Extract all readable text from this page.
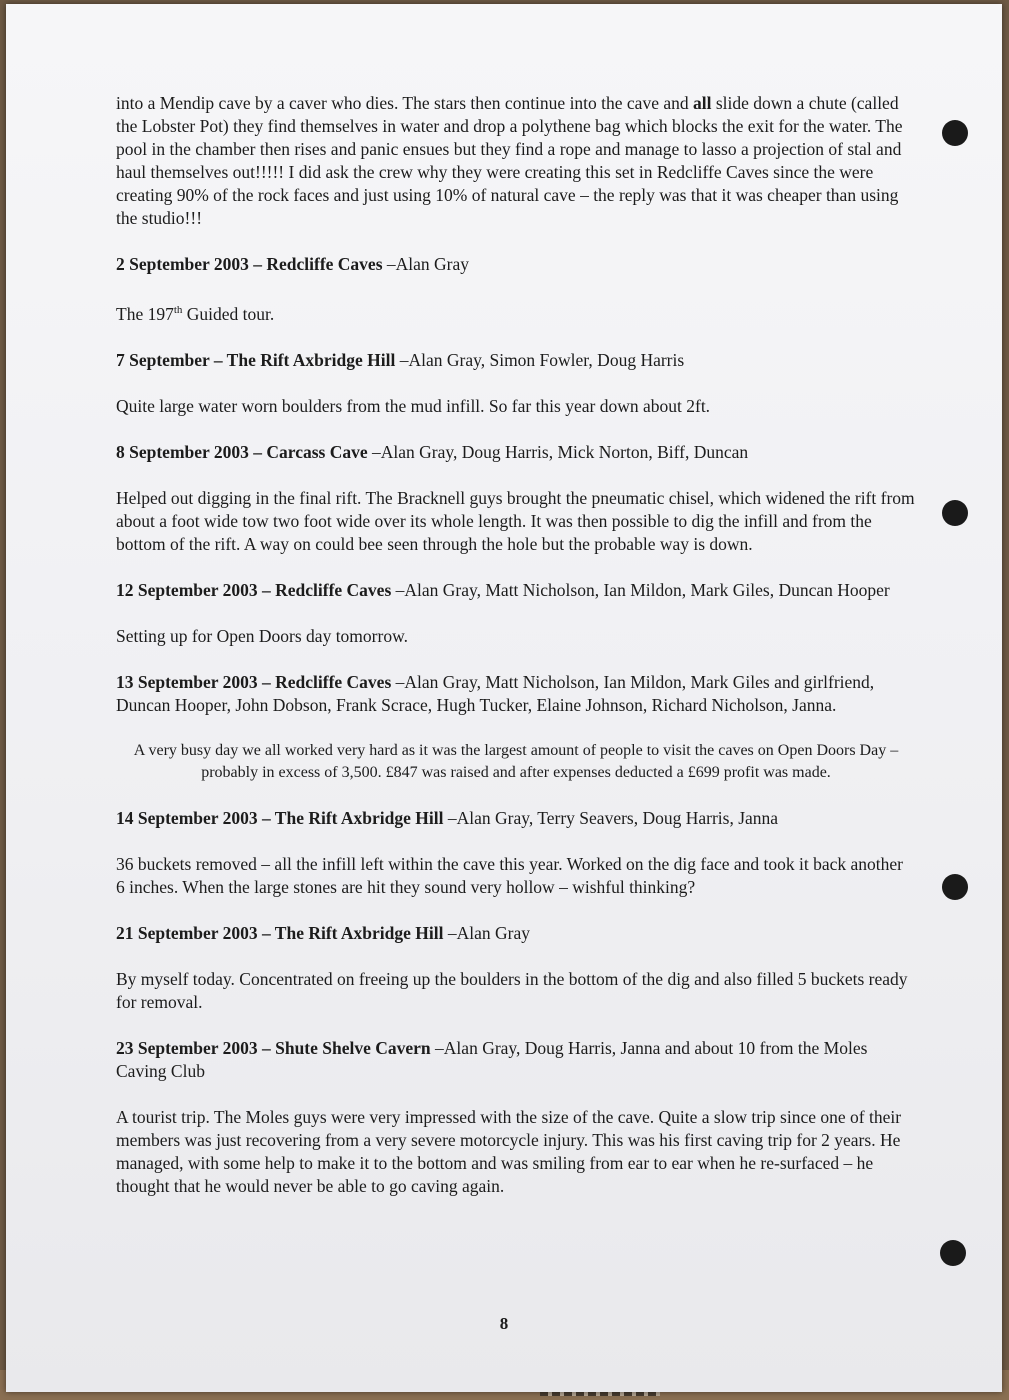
into a Mendip cave by a caver who dies. The stars then continue into the cave and all slide down a chute (called the Lobster Pot) they find themselves in water and drop a polythene bag which blocks the exit for the water. The pool in the chamber then rises and panic ensues but they find a rope and manage to lasso a projection of stal and haul themselves out!!!!! I did ask the crew why they were creating this set in Redcliffe Caves since the were creating 90% of the rock faces and just using 10% of natural cave – the reply was that it was cheaper than using the studio!!!

2 September 2003 – Redcliffe Caves –Alan Gray

The 197th Guided tour.

7 September – The Rift Axbridge Hill –Alan Gray, Simon Fowler, Doug Harris

Quite large water worn boulders from the mud infill. So far this year down about 2ft.

8 September 2003 – Carcass Cave –Alan Gray, Doug Harris, Mick Norton, Biff, Duncan

Helped out digging in the final rift. The Bracknell guys brought the pneumatic chisel, which widened the rift from about a foot wide tow two foot wide over its whole length. It was then possible to dig the infill and from the bottom of the rift. A way on could bee seen through the hole but the probable way is down.

12 September 2003 – Redcliffe Caves –Alan Gray, Matt Nicholson, Ian Mildon, Mark Giles, Duncan Hooper

Setting up for Open Doors day tomorrow.

13 September 2003 – Redcliffe Caves –Alan Gray, Matt Nicholson, Ian Mildon, Mark Giles and girlfriend, Duncan Hooper, John Dobson, Frank Scrace, Hugh Tucker, Elaine Johnson, Richard Nicholson, Janna.

A very busy day we all worked very hard as it was the largest amount of people to visit the caves on Open Doors Day – probably in excess of 3,500. £847 was raised and after expenses deducted a £699 profit was made.

14 September 2003 – The Rift Axbridge Hill –Alan Gray, Terry Seavers, Doug Harris, Janna

36 buckets removed – all the infill left within the cave this year. Worked on the dig face and took it back another 6 inches. When the large stones are hit they sound very hollow – wishful thinking?

21 September 2003 – The Rift Axbridge Hill –Alan Gray

By myself today. Concentrated on freeing up the boulders in the bottom of the dig and also filled 5 buckets ready for removal.

23 September 2003 – Shute Shelve Cavern –Alan Gray, Doug Harris, Janna and about 10 from the Moles Caving Club

A tourist trip. The Moles guys were very impressed with the size of the cave. Quite a slow trip since one of their members was just recovering from a very severe motorcycle injury. This was his first caving trip for 2 years. He managed, with some help to make it to the bottom and was smiling from ear to ear when he re-surfaced – he thought that he would never be able to go caving again.

8
